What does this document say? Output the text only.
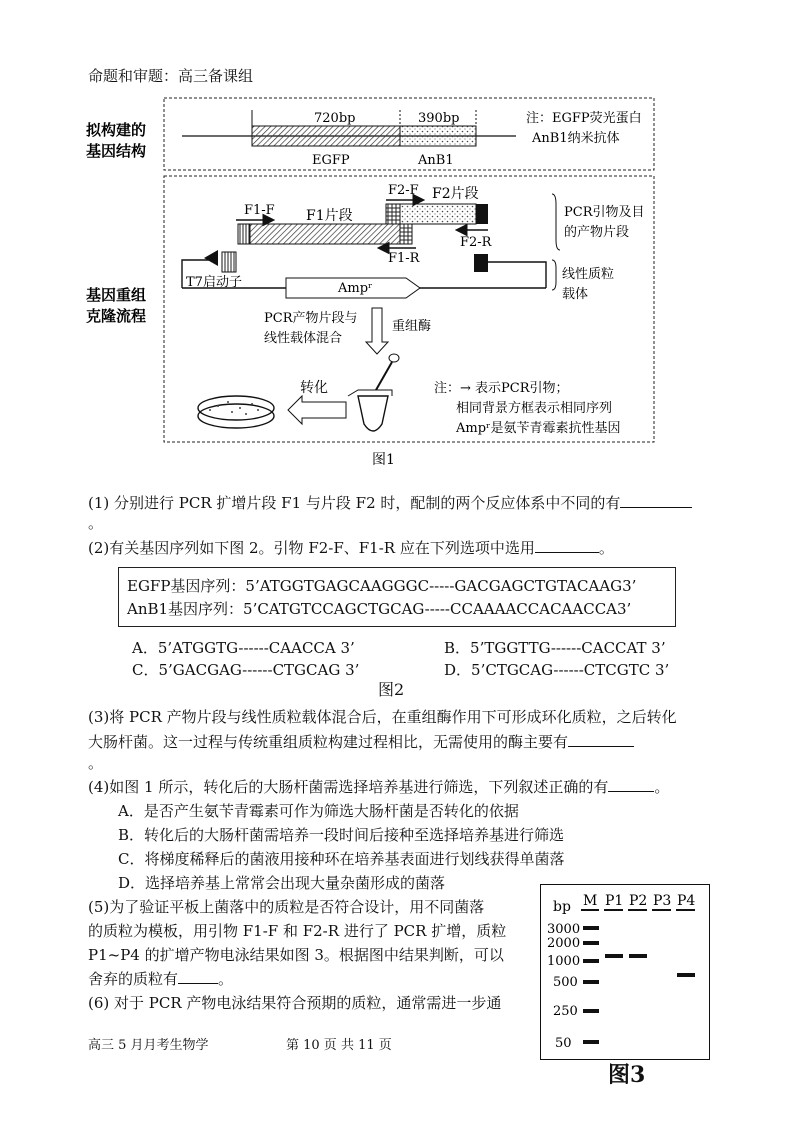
命题和审题：高三备课组
拟构建的
基因结构
基因重组
克隆流程
720bp	390bp
EGFP	AnB1
注：EGFP荧光蛋白
AnB1纳米抗体
F1-F F1片段
F2-F F2片段
F2-R
F1-R
PCR引物及目
的产物片段
T7启动子	Ampʳ
线性质粒
载体
PCR产物片段与
线性载体混合
重组酶
转化	注：→ 表示PCR引物；
相同背景方框表示相同序列
Ampʳ是氨苄青霉素抗性基因
图1
(1) 分别进行 PCR 扩增片段 F1 与片段 F2 时，配制的两个反应体系中不同的有
。
(2)有关基因序列如下图 2。引物 F2-F、F1-R 应在下列选项中选用	。
EGFP基因序列：5’ATGGTGAGCAAGGGC-----GACGAGCTGTACAAG3’
AnB1基因序列：5’CATGTCCAGCTGCAG-----CCAAAACCACAACCA3’
A．5’ATGGTG------CAACCA 3’	B．5’TGGTTG------CACCAT 3’
C．5’GACGAG------CTGCAG 3’	D．5’CTGCAG------CTCGTC 3’
图2
(3)将 PCR 产物片段与线性质粒载体混合后，在重组酶作用下可形成环化质粒，之后转化
大肠杆菌。这一过程与传统重组质粒构建过程相比，无需使用的酶主要有
。
(4)如图 1 所示，转化后的大肠杆菌需选择培养基进行筛选，下列叙述正确的有	。
A．是否产生氨苄青霉素可作为筛选大肠杆菌是否转化的依据
B．转化后的大肠杆菌需培养一段时间后接种至选择培养基进行筛选
C．将梯度稀释后的菌液用接种环在培养基表面进行划线获得单菌落
D．选择培养基上常常会出现大量杂菌形成的菌落
(5)为了验证平板上菌落中的质粒是否符合设计，用不同菌落
的质粒为模板，用引物 F1-F 和 F2-R 进行了 PCR 扩增，质粒
P1~P4 的扩增产物电泳结果如图 3。根据图中结果判断，可以
舍弃的质粒有	。
(6) 对于 PCR 产物电泳结果符合预期的质粒，通常需进一步通
高三 5 月月考生物学	第 10 页 共 11 页
bp M P1 P2 P3 P4
3000
2000
1000
500
250
50
图3
